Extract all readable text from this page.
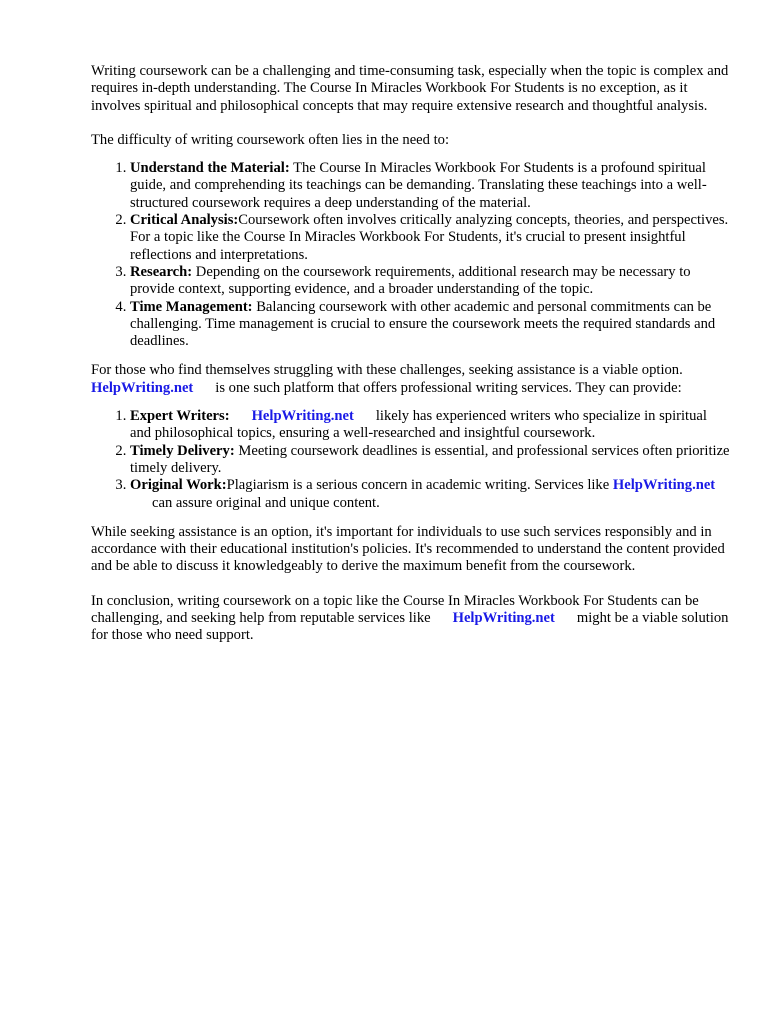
Writing coursework can be a challenging and time-consuming task, especially when the topic is complex and requires in-depth understanding. The Course In Miracles Workbook For Students is no exception, as it involves spiritual and philosophical concepts that may require extensive research and thoughtful analysis.

The difficulty of writing coursework often lies in the need to:

1. Understand the Material: The Course In Miracles Workbook For Students is a profound spiritual guide, and comprehending its teachings can be demanding. Translating these teachings into a well-structured coursework requires a deep understanding of the material.
2. Critical Analysis:Coursework often involves critically analyzing concepts, theories, and perspectives. For a topic like the Course In Miracles Workbook For Students, it's crucial to present insightful reflections and interpretations.
3. Research: Depending on the coursework requirements, additional research may be necessary to provide context, supporting evidence, and a broader understanding of the topic.
4. Time Management: Balancing coursework with other academic and personal commitments can be challenging. Time management is crucial to ensure the coursework meets the required standards and deadlines.

For those who find themselves struggling with these challenges, seeking assistance is a viable option. HelpWriting.net is one such platform that offers professional writing services. They can provide:

1. Expert Writers: HelpWriting.net likely has experienced writers who specialize in spiritual and philosophical topics, ensuring a well-researched and insightful coursework.
2. Timely Delivery: Meeting coursework deadlines is essential, and professional services often prioritize timely delivery.
3. Original Work:Plagiarism is a serious concern in academic writing. Services like HelpWriting.netcan assure original and unique content.

While seeking assistance is an option, it's important for individuals to use such services responsibly and in accordance with their educational institution's policies. It's recommended to understand the content provided and be able to discuss it knowledgeably to derive the maximum benefit from the coursework.

In conclusion, writing coursework on a topic like the Course In Miracles Workbook For Students can be challenging, and seeking help from reputable services like HelpWriting.net might be a viable solution for those who need support.
